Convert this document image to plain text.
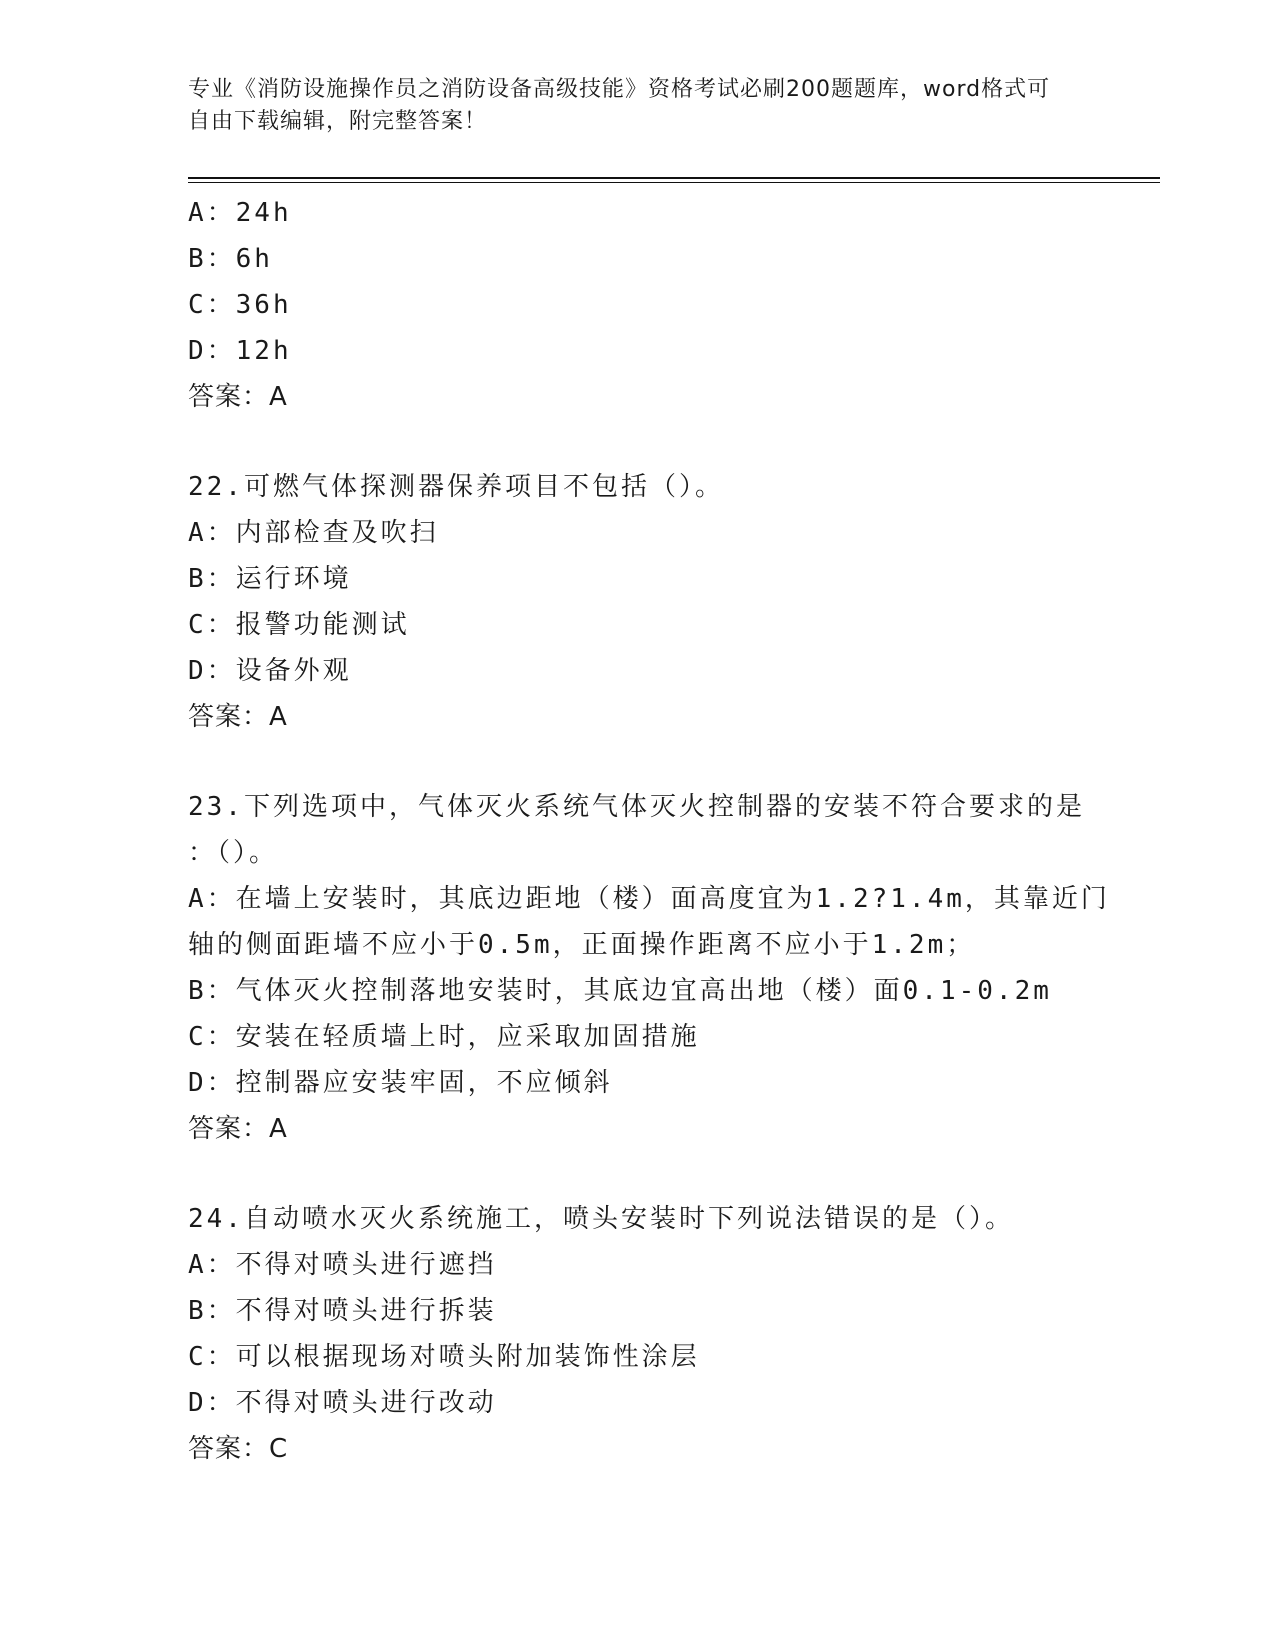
专业《消防设施操作员之消防设备高级技能》资格考试必刷200题题库，word格式可自由下载编辑，附完整答案！
A：24h
B：6h
C：36h
D：12h
答案：A
22.可燃气体探测器保养项目不包括（）。
A：内部检查及吹扫
B：运行环境
C：报警功能测试
D：设备外观
答案：A
23.下列选项中，气体灭火系统气体灭火控制器的安装不符合要求的是
：（）。
A：在墙上安装时，其底边距地（楼）面高度宜为1.2?1.4m，其靠近门
轴的侧面距墙不应小于0.5m，正面操作距离不应小于1.2m；
B：气体灭火控制落地安装时，其底边宜高出地（楼）面0.1-0.2m
C：安装在轻质墙上时，应采取加固措施
D：控制器应安装牢固，不应倾斜
答案：A
24.自动喷水灭火系统施工，喷头安装时下列说法错误的是（）。
A：不得对喷头进行遮挡
B：不得对喷头进行拆装
C：可以根据现场对喷头附加装饰性涂层
D：不得对喷头进行改动
答案：C
